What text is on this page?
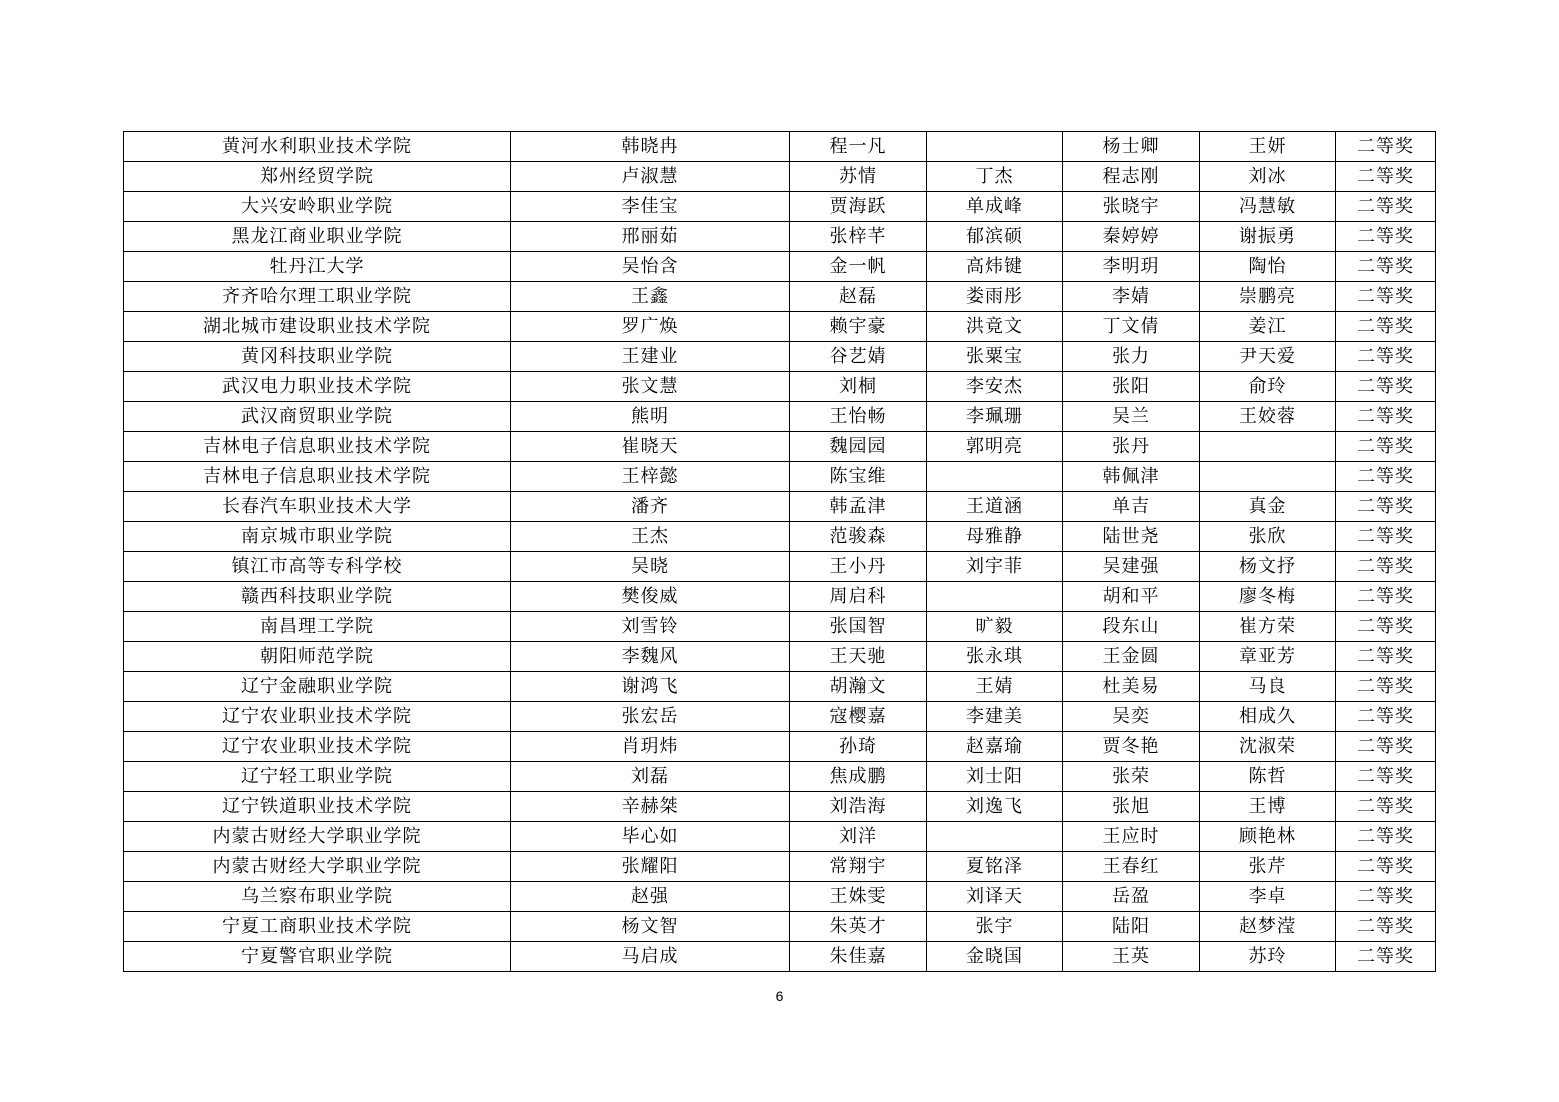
黄河水利职业技术学院	韩晓冉	程一凡		杨士卿	王妍	二等奖
郑州经贸学院	卢淑慧	苏情	丁杰	程志刚	刘冰	二等奖
大兴安岭职业学院	李佳宝	贾海跃	单成峰	张晓宇	冯慧敏	二等奖
黑龙江商业职业学院	邢丽茹	张梓芊	郁滨硕	秦婷婷	谢振勇	二等奖
牡丹江大学	吴怡含	金一帆	高炜键	李明玥	陶怡	二等奖
齐齐哈尔理工职业学院	王鑫	赵磊	娄雨彤	李婧	崇鹏亮	二等奖
湖北城市建设职业技术学院	罗广焕	赖宇豪	洪竟文	丁文倩	姜江	二等奖
黄冈科技职业学院	王建业	谷艺婧	张粟宝	张力	尹天爱	二等奖
武汉电力职业技术学院	张文慧	刘桐	李安杰	张阳	俞玲	二等奖
武汉商贸职业学院	熊明	王怡畅	李珮珊	吴兰	王姣蓉	二等奖
吉林电子信息职业技术学院	崔晓天	魏园园	郭明亮	张丹		二等奖
吉林电子信息职业技术学院	王梓懿	陈宝维		韩佩津		二等奖
长春汽车职业技术大学	潘齐	韩孟津	王道涵	单吉	真金	二等奖
南京城市职业学院	王杰	范骏森	母雅静	陆世尧	张欣	二等奖
镇江市高等专科学校	吴晓	王小丹	刘宇菲	吴建强	杨文抒	二等奖
赣西科技职业学院	樊俊威	周启科		胡和平	廖冬梅	二等奖
南昌理工学院	刘雪铃	张国智	旷毅	段东山	崔方荣	二等奖
朝阳师范学院	李魏风	王天驰	张永琪	王金圆	章亚芳	二等奖
辽宁金融职业学院	谢鸿飞	胡瀚文	王婧	杜美易	马良	二等奖
辽宁农业职业技术学院	张宏岳	寇樱嘉	李建美	吴奕	相成久	二等奖
辽宁农业职业技术学院	肖玥炜	孙琦	赵嘉瑜	贾冬艳	沈淑荣	二等奖
辽宁轻工职业学院	刘磊	焦成鹏	刘士阳	张荣	陈哲	二等奖
辽宁铁道职业技术学院	辛赫桀	刘浩海	刘逸飞	张旭	王博	二等奖
内蒙古财经大学职业学院	毕心如	刘洋		王应时	顾艳林	二等奖
内蒙古财经大学职业学院	张耀阳	常翔宇	夏铭泽	王春红	张芹	二等奖
乌兰察布职业学院	赵强	王姝雯	刘译天	岳盈	李卓	二等奖
宁夏工商职业技术学院	杨文智	朱英才	张宇	陆阳	赵梦滢	二等奖
宁夏警官职业学院	马启成	朱佳嘉	金晓国	王英	苏玲	二等奖
6
